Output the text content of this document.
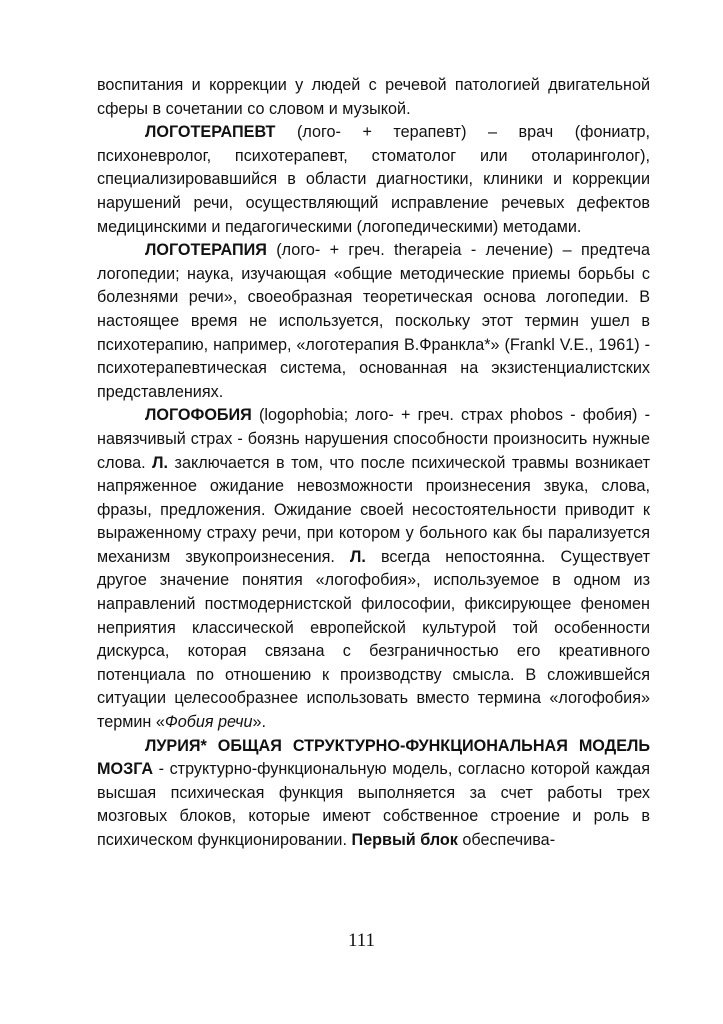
воспитания и коррекции у людей с речевой патологией двигательной сферы в сочетании со словом и музыкой.

ЛОГОТЕРАПЕВТ (лого- + терапевт) – врач (фониатр, психоневролог, психотерапевт, стоматолог или отоларинголог), специализировавшийся в области диагностики, клиники и коррекции нарушений речи, осуществляющий исправление речевых дефектов медицинскими и педагогическими (логопедическими) методами.

ЛОГОТЕРАПИЯ (лого- + греч. therapeia - лечение) – предтеча логопедии; наука, изучающая «общие методические приемы борьбы с болезнями речи», своеобразная теоретическая основа логопедии. В настоящее время не используется, поскольку этот термин ушел в психотерапию, например, «логотерапия В.Франкла*» (Frankl V.E., 1961) - психотерапевтическая система, основанная на экзистенциалистских представлениях.

ЛОГОФОБИЯ (logophobia; лого- + греч. страх phobos - фобия) - навязчивый страх - боязнь нарушения способности произносить нужные слова. Л. заключается в том, что после психической травмы возникает напряженное ожидание невозможности произнесения звука, слова, фразы, предложения. Ожидание своей несостоятельности приводит к выраженному страху речи, при котором у больного как бы парализуется механизм звукопроизнесения. Л. всегда непостоянна. Существует другое значение понятия «логофобия», используемое в одном из направлений постмодернистской философии, фиксирующее феномен неприятия классической европейской культурой той особенности дискурса, которая связана с безграничностью его креативного потенциала по отношению к производству смысла. В сложившейся ситуации целесообразнее использовать вместо термина «логофобия» термин «Фобия речи».

ЛУРИЯ* ОБЩАЯ СТРУКТУРНО-ФУНКЦИОНАЛЬНАЯ МОДЕЛЬ МОЗГА - структурно-функциональную модель, согласно которой каждая высшая психическая функция выполняется за счет работы трех мозговых блоков, которые имеют собственное строение и роль в психическом функционировании. Первый блок обеспечива-

111
